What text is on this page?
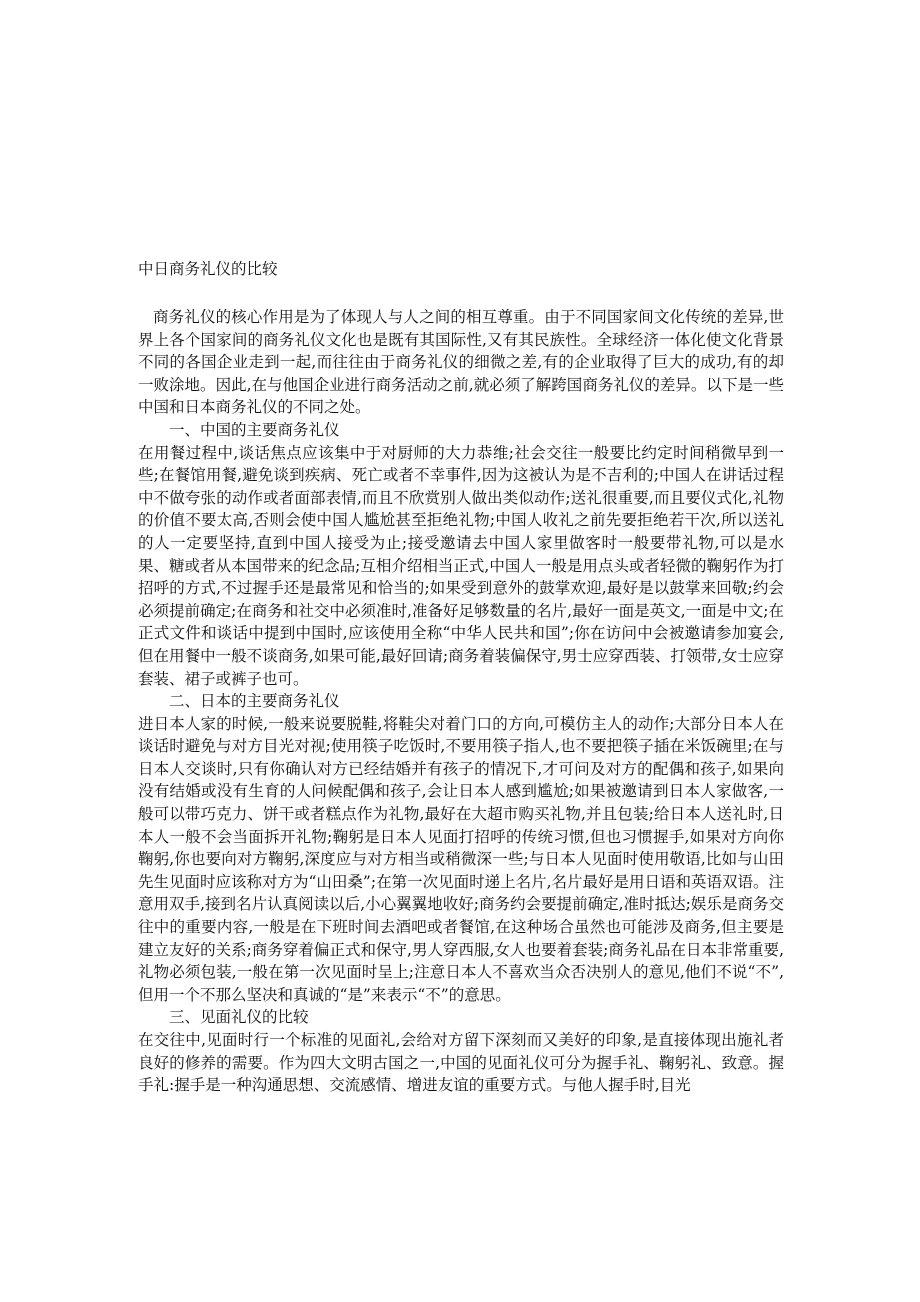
中日商务礼仪的比较

商务礼仪的核心作用是为了体现人与人之间的相互尊重。由于不同国家间文化传统的差异,世界上各个国家间的商务礼仪文化也是既有其国际性,又有其民族性。全球经济一体化使文化背景不同的各国企业走到一起,而往往由于商务礼仪的细微之差,有的企业取得了巨大的成功,有的却一败涂地。因此,在与他国企业进行商务活动之前,就必须了解跨国商务礼仪的差异。以下是一些中国和日本商务礼仪的不同之处。

一、中国的主要商务礼仪

在用餐过程中,谈话焦点应该集中于对厨师的大力恭维;社会交往一般要比约定时间稍微早到一些;在餐馆用餐,避免谈到疾病、死亡或者不幸事件,因为这被认为是不吉利的;中国人在讲话过程中不做夸张的动作或者面部表情,而且不欣赏别人做出类似动作;送礼很重要,而且要仪式化,礼物的价值不要太高,否则会使中国人尴尬甚至拒绝礼物;中国人收礼之前先要拒绝若干次,所以送礼的人一定要坚持,直到中国人接受为止;接受邀请去中国人家里做客时一般要带礼物,可以是水果、糖或者从本国带来的纪念品;互相介绍相当正式,中国人一般是用点头或者轻微的鞠躬作为打招呼的方式,不过握手还是最常见和恰当的;如果受到意外的鼓掌欢迎,最好是以鼓掌来回敬;约会必须提前确定;在商务和社交中必须准时,准备好足够数量的名片,最好一面是英文,一面是中文;在正式文件和谈话中提到中国时,应该使用全称“中华人民共和国”;你在访问中会被邀请参加宴会,但在用餐中一般不谈商务,如果可能,最好回请;商务着装偏保守,男士应穿西装、打领带,女士应穿套装、裙子或裤子也可。

二、日本的主要商务礼仪

进日本人家的时候,一般来说要脱鞋,将鞋尖对着门口的方向,可模仿主人的动作;大部分日本人在谈话时避免与对方目光对视;使用筷子吃饭时,不要用筷子指人,也不要把筷子插在米饭碗里;在与日本人交谈时,只有你确认对方已经结婚并有孩子的情况下,才可问及对方的配偶和孩子,如果向没有结婚或没有生育的人问候配偶和孩子,会让日本人感到尴尬;如果被邀请到日本人家做客,一般可以带巧克力、饼干或者糕点作为礼物,最好在大超市购买礼物,并且包装;给日本人送礼时,日本人一般不会当面拆开礼物;鞠躬是日本人见面打招呼的传统习惯,但也习惯握手,如果对方向你鞠躬,你也要向对方鞠躬,深度应与对方相当或稍微深一些;与日本人见面时使用敬语,比如与山田先生见面时应该称对方为“山田桑”;在第一次见面时递上名片,名片最好是用日语和英语双语。注意用双手,接到名片认真阅读以后,小心翼翼地收好;商务约会要提前确定,准时抵达;娱乐是商务交往中的重要内容,一般是在下班时间去酒吧或者餐馆,在这种场合虽然也可能涉及商务,但主要是建立友好的关系;商务穿着偏正式和保守,男人穿西服,女人也要着套装;商务礼品在日本非常重要,礼物必须包装,一般在第一次见面时呈上;注意日本人不喜欢当众否决别人的意见,他们不说“不”,但用一个不那么坚决和真诚的“是”来表示“不”的意思。

三、见面礼仪的比较

在交往中,见面时行一个标准的见面礼,会给对方留下深刻而又美好的印象,是直接体现出施礼者良好的修养的需要。作为四大文明古国之一,中国的见面礼仪可分为握手礼、鞠躬礼、致意。握手礼:握手是一种沟通思想、交流感情、增进友谊的重要方式。与他人握手时,目光
